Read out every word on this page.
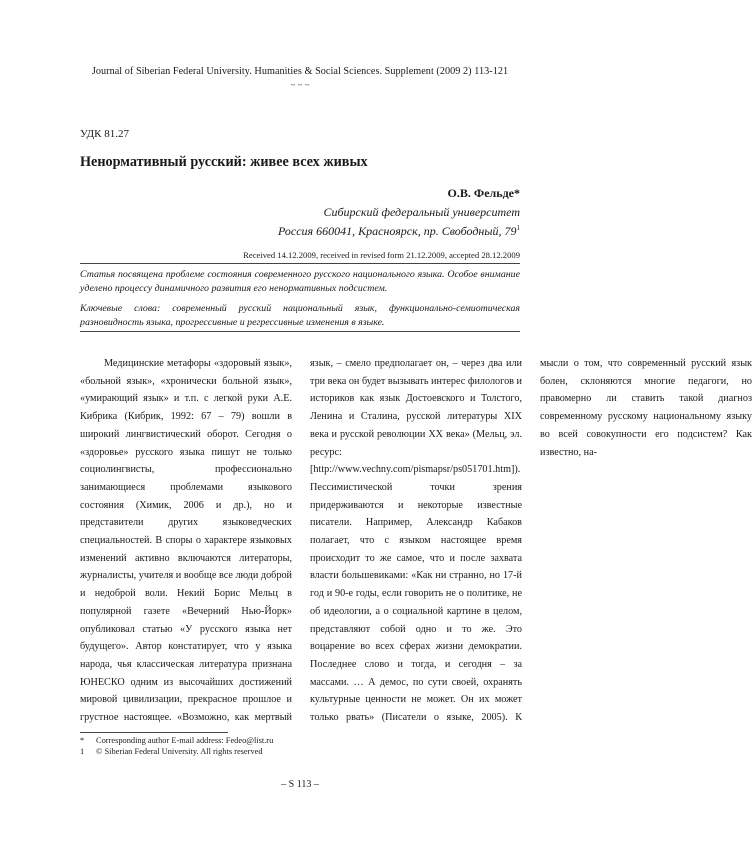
Journal of Siberian Federal University. Humanities & Social Sciences. Supplement (2009 2) 113-121
~ ~ ~
УДК 81.27
Ненормативный русский: живее всех живых
О.В. Фельде*
Сибирский федеральный университет
Россия 660041, Красноярск, пр. Свободный, $79^1$
Received 14.12.2009, received in revised form 21.12.2009, accepted 28.12.2009
Статья посвящена проблеме состояния современного русского национального языка. Особое внимание уделено процессу динамичного развития его ненормативных подсистем.
Ключевые слова: современный русский национальный язык, функционально-семиотическая разновидность языка, прогрессивные и регрессивные изменения в языке.

Медицинские метафоры «здоровый язык», «больной язык», «хронически больной язык», «умирающий язык» и т.п. с легкой руки А.Е. Кибрика (Кибрик, 1992: 67 – 79) вошли в широкий лингвистический оборот. Сегодня о «здоровье» русского языка пишут не только социолингвисты, профессионально занимающиеся проблемами языкового состояния (Химик, 2006 и др.), но и представители других языковедческих специальностей. В споры о характере языковых изменений активно включаются литераторы, журналисты, учителя и вообще все люди доброй и недоброй воли. Некий Борис Мельц в популярной газете «Вечерний Нью-Йорк» опубликовал статью «У русского языка нет будущего». Автор констатирует, что у языка народа, чья классическая литература признана ЮНЕСКО одним из высочайших достижений мировой цивилизации, прекрасное прошлое и грустное настоящее. «Возможно, как мертвый язык, – смело предполагает он, – через два или три века он будет вызывать интерес филологов и историков как язык Достоевского и Толстого, Ленина и Сталина, русской литературы XIX века и русской революции XX века» (Мельц, эл. ресурс: [http://www.vechny.com/pismapsr/ps051701.htm]). Пессимистической точки зрения придерживаются и некоторые известные писатели. Например, Александр Кабаков полагает, что с языком настоящее время происходит то же самое, что и после захвата власти большевиками: «Как ни странно, но 17-й год и 90-е годы, если говорить не о политике, не об идеологии, а о социальной картине в целом, представляют собой одно и то же. Это воцарение во всех сферах жизни демократии. Последнее слово и тогда, и сегодня – за массами. … А демос, по сути своей, охранять культурные ценности не может. Он их может только рвать» (Писатели о языке, 2005). К мысли о том, что современный русский язык болен, склоняются многие педагоги, но правомерно ли ставить такой диагноз современному русскому национальному языку во всей совокупности его подсистем? Как известно, на-

*	Corresponding author E-mail address: Fedeo@list.ru
1	© Siberian Federal University. All rights reserved
– S 113 –
